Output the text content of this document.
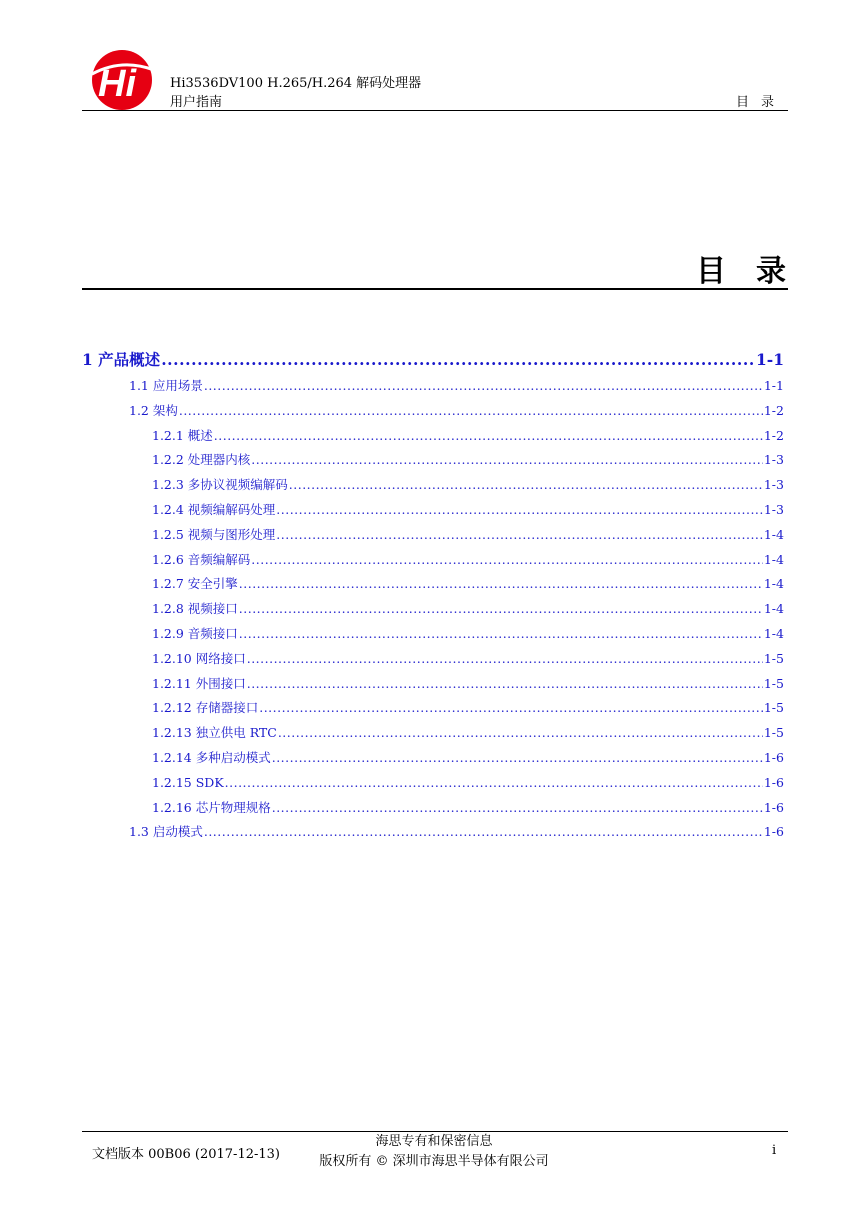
Hi	Hi3536DV100 H.265/H.264 解码处理器
用户指南	目录
目录
1 产品概述 .....	1-1
1.1 应用场景 .....	1-1
1.2 架构 .....	1-2
1.2.1 概述 .....	1-2
1.2.2 处理器内核 .....	1-3
1.2.3 多协议视频编解码 .....	1-3
1.2.4 视频编解码处理 .....	1-3
1.2.5 视频与图形处理 .....	1-4
1.2.6 音频编解码 .....	1-4
1.2.7 安全引擎 .....	1-4
1.2.8 视频接口 .....	1-4
1.2.9 音频接口 .....	1-4
1.2.10 网络接口 .....	1-5
1.2.11 外围接口 .....	1-5
1.2.12 存储器接口 .....	1-5
1.2.13 独立供电 RTC .....	1-5
1.2.14 多种启动模式 .....	1-6
1.2.15 SDK .....	1-6
1.2.16 芯片物理规格 .....	1-6
1.3 启动模式 .....	1-6
文档版本 00B06 (2017-12-13)
海思专有和保密信息
版权所有 © 深圳市海思半导体有限公司
i
